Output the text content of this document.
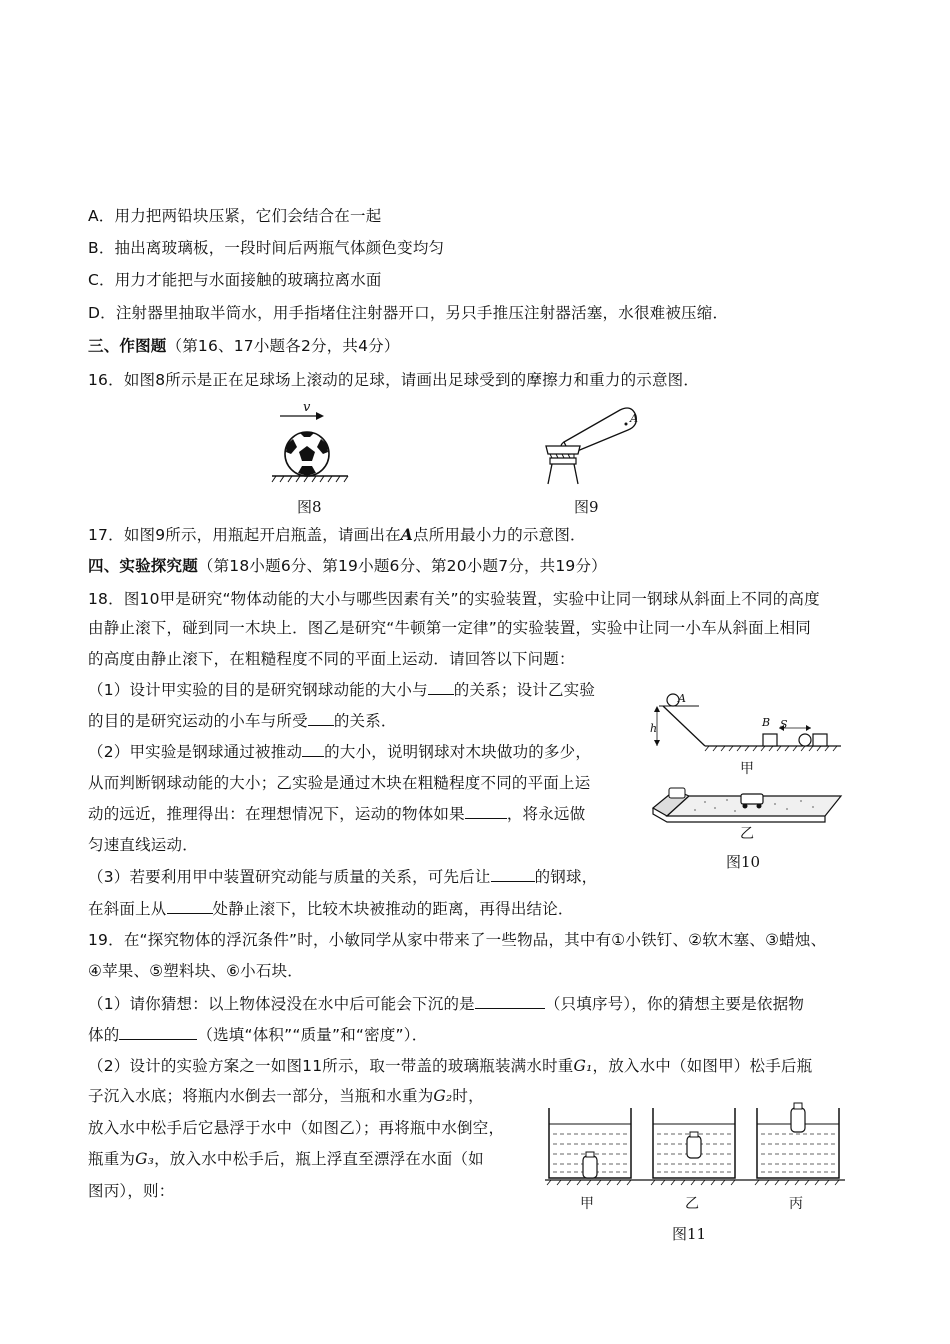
A．用力把两铅块压紧，它们会结合在一起
B．抽出离玻璃板，一段时间后两瓶气体颜色变均匀
C．用力才能把与水面接触的玻璃拉离水面
D．注射器里抽取半筒水，用手指堵住注射器开口，另只手推压注射器活塞，水很难被压缩．
三、作图题（第16、17小题各2分，共4分）
16．如图8所示是正在足球场上滚动的足球，请画出足球受到的摩擦力和重力的示意图．
v
图8
A
图9
17．如图9所示，用瓶起开启瓶盖，请画出在A点所用最小力的示意图．
四、实验探究题（第18小题6分、第19小题6分、第20小题7分，共19分）
18．图10甲是研究“物体动能的大小与哪些因素有关”的实验装置，实验中让同一钢球从斜面上不同的高度
由静止滚下，碰到同一木块上．图乙是研究“牛顿第一定律”的实验装置，实验中让同一小车从斜面上相同
的高度由静止滚下，在粗糙程度不同的平面上运动．请回答以下问题：
（1）设计甲实验的目的是研究钢球动能的大小与 的关系；设计乙实验
的目的是研究运动的小车与所受 的关系．
（2）甲实验是钢球通过被推动 的大小，说明钢球对木块做功的多少，
从而判断钢球动能的大小；乙实验是通过木块在粗糙程度不同的平面上运
动的远近，推理得出：在理想情况下，运动的物体如果	，将永远做
匀速直线运动．
（3）若要利用甲中装置研究动能与质量的关系，可先后让	的钢球，
在斜面上从	处静止滚下，比较木块被推动的距离，再得出结论．
A
h	B S
甲
乙
图10
19．在“探究物体的浮沉条件”时，小敏同学从家中带来了一些物品，其中有①小铁钉、②软木塞、③蜡烛、
④苹果、⑤塑料块、⑥小石块．
（1）请你猜想：以上物体浸没在水中后可能会下沉的是	（只填序号），你的猜想主要是依据物
体的	（选填“体积”“质量”和“密度”）．
（2）设计的实验方案之一如图11所示，取一带盖的玻璃瓶装满水时重G₁，放入水中（如图甲）松手后瓶
子沉入水底；将瓶内水倒去一部分，当瓶和水重为G₂时，
放入水中松手后它悬浮于水中（如图乙）；再将瓶中水倒空，
瓶重为G₃，放入水中松手后，瓶上浮直至漂浮在水面（如
图丙），则：
甲	乙	丙
图11
